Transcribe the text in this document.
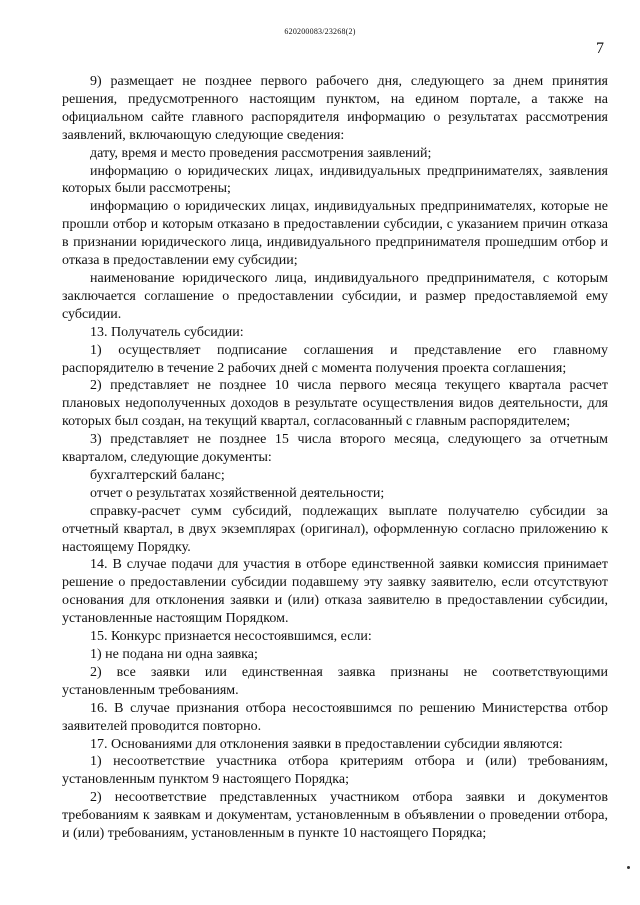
620200083/23268(2)
7

9) размещает не позднее первого рабочего дня, следующего за днем принятия решения, предусмотренного настоящим пунктом, на едином портале, а также на официальном сайте главного распорядителя информацию о результатах рассмотрения заявлений, включающую следующие сведения:

дату, время и место проведения рассмотрения заявлений;

информацию о юридических лицах, индивидуальных предпринимателях, заявления которых были рассмотрены;

информацию о юридических лицах, индивидуальных предпринимателях, которые не прошли отбор и которым отказано в предоставлении субсидии, с указанием причин отказа в признании юридического лица, индивидуального предпринимателя прошедшим отбор и отказа в предоставлении ему субсидии;

наименование юридического лица, индивидуального предпринимателя, с которым заключается соглашение о предоставлении субсидии, и размер предоставляемой ему субсидии.

13. Получатель субсидии:

1) осуществляет подписание соглашения и представление его главному распорядителю в течение 2 рабочих дней с момента получения проекта соглашения;

2) представляет не позднее 10 числа первого месяца текущего квартала расчет плановых недополученных доходов в результате осуществления видов деятельности, для которых был создан, на текущий квартал, согласованный с главным распорядителем;

3) представляет не позднее 15 числа второго месяца, следующего за отчетным кварталом, следующие документы:

бухгалтерский баланс;

отчет о результатах хозяйственной деятельности;

справку-расчет сумм субсидий, подлежащих выплате получателю субсидии за отчетный квартал, в двух экземплярах (оригинал), оформленную согласно приложению к настоящему Порядку.

14. В случае подачи для участия в отборе единственной заявки комиссия принимает решение о предоставлении субсидии подавшему эту заявку заявителю, если отсутствуют основания для отклонения заявки и (или) отказа заявителю в предоставлении субсидии, установленные настоящим Порядком.

15. Конкурс признается несостоявшимся, если:

1) не подана ни одна заявка;

2) все заявки или единственная заявка признаны не соответствующими установленным требованиям.

16. В случае признания отбора несостоявшимся по решению Министерства отбор заявителей проводится повторно.

17. Основаниями для отклонения заявки в предоставлении субсидии являются:

1) несоответствие участника отбора критериям отбора и (или) требованиям, установленным пунктом 9 настоящего Порядка;

2) несоответствие представленных участником отбора заявки и документов требованиям к заявкам и документам, установленным в объявлении о проведении отбора, и (или) требованиям, установленным в пункте 10 настоящего Порядка;
